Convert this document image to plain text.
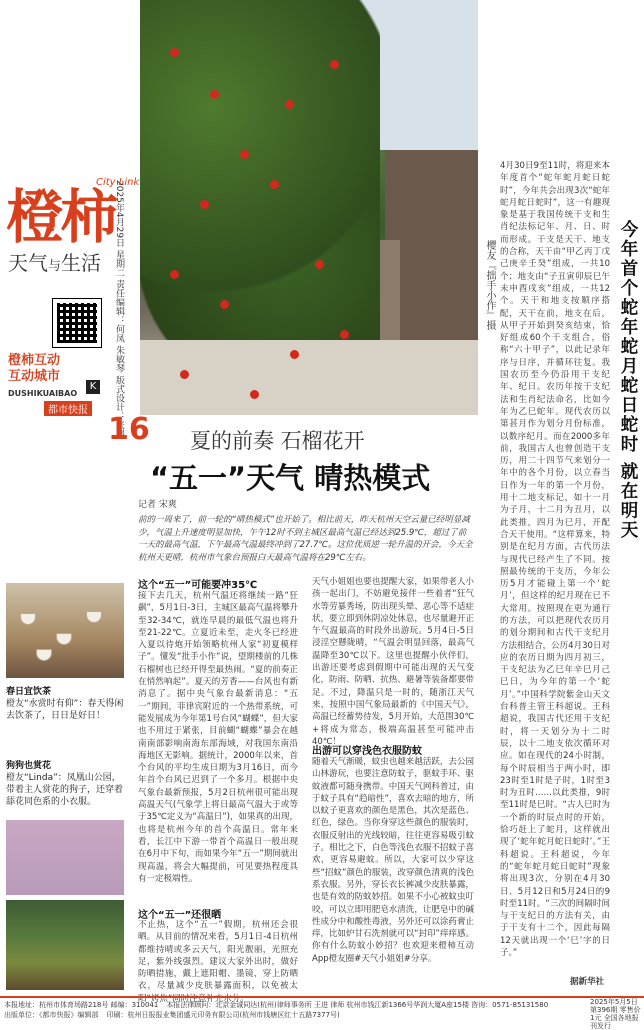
樱友『拙手小作』摄
橙柿
City Link
天气与生活
橙柿互动
互动城市
DUSHIKUAIBAO
都市快报
K	2025年4月29日 星期二 责任编辑：何凤 朱敏琴 版式设计：张璟
16 夏的前奏 石榴花开
“五一”天气 晴热模式
记者 宋爽
前的一周来了，前一轮的“晴热模式”也开始了。相比前天，昨天杭州天空云量已经明显减少，气温上升速度明显加快，午午12时不到主城区最高气温已经达到25.9℃，超过了前一天的最高气温，下午最高气温最终冲到了27.7℃。这位优质逆一轮升温的开会，今天全杭州天更晴，杭州市气象台预报白天最高气温将在29℃左右。
这个“五一”可能要冲35℃
接下去几天，杭州气温还将继续一路“狂飙”，5月1日-3日，主城区最高气温将攀升至32-34℃，就连早晨的最低气温也将升至21-22℃。立夏近未至，走火冬已经进入夏以待炮开始领略杭州人家“初夏模样子”。懂发“批手小作”说，望期楼前的几株石榴树也已经开得至最热闹。“夏的前奏正在悄然响起”。夏天的芳香——台风也有新消息了。据中央气象台最新消息：“五一”期间，菲律宾附近的一个热带系统，可能发展成为今年第1号台风“蝴蝶”，但大家也不用过于紧张，目前蝴“蝴蝶”暴会在越南南部影响南海东部海域，对我国东南沿海地区无影响。据统计，2000年以来，首个台风的平均生成日期为3月16日，而今年首个台风已迟到了一个多月。根据中央气象台最新预报，5月2日杭州很可能出现高温天气(气象学上将日最高气温大于或等于35℃定义为“高温日”)，如果真的出现，也将是杭州今年的首个高温日。常年来看，长江中下游一带首个高温日一般出现在6月中下旬，而如果今年“五一”期间就出现高温，将会大幅提前，可见要热程度具有一定极端性。
这个“五一”还很晒
不止热，这个“五一”假期，杭州还会很晒。从目前的情况来看，5月1日-4日杭州都维持晴或多云天气，阳光靓丽，光照充足，紫外线强烈。建议大家外出时，做好防晒措施，戴上遮阳帽、墨镜，穿上防晒衣，尽量减少皮肤暴露面积，以免被太阳“烤焦”同时注意补充水分。
天气小姐姐也要也提醒大家，如果带老人小孩一起出门，不妨避免接伴一些着者“狂气水等劳暴秀场，防出现头晕、恶心等不适症状，要立即到休阴凉处休息，也尽量避开正午气温最高的时段外出游玩。5月4日-5日浸淫空懸陇晴，“气温会明显回落，最高气温降至30℃以下。这里也提醒小伙伴们，出游还要考虑到假期中可能出现的天气变化，防雨、防晒、抗热、避暑等装备都要带足。不过，降温只是一时的，随浙江天气来，按照中国气象局最新的《中国天气》，高温已经蓄势待发，5月开始，大范围30℃+将成为常态，极端高温甚至可能冲击40℃！
出游可以穿浅色衣服防蚊
随着天气渐暖，蚊虫也越来越活跃，去公园山林游玩，也要注意防蚊子，驱蚊手环、驱蚊液都可随身携带。中国天气网科普过，由于蚊子具有“趋暗性”，喜欢去暗的地方，所以蚊子更喜欢的颜色是黑色，其次是蓝色、红色，绿色。当你身穿这些颜色的服装时，衣服反射出的光线较暗，往往更容易吸引蚊子。相比之下，白色等浅色衣服不招蚊子喜欢，更容易避蚊。所以，大家可以少穿这些“招蚊”颜色的服装，改穿颜色清爽的浅色系衣服。另外，穿长衣长裤减少皮肤暴露，也是有效的防蚊妙招。如果不小心被蚊虫叮咬，可以立即用肥皂水清洗，让肥皂中的碱性成分中和酸性毒液，另外还可以涂药膏止痒，比如炉甘石洗剂就可以“封印”痒痒感。你有什么防蚊小妙招？也欢迎来橙柿互动App橙友圈#天气小姐姐#分享。
4月30日9至11时，将迎来本年度首个“蛇年蛇月蛇日蛇时”，今年共会出现3次“蛇年蛇月蛇日蛇时”，这一有趣现象是基于我国传统干支和生肖纪法标记年、月、日、时而形成。干支是天干、地支的合称，天干由“甲乙丙丁戊己庚辛壬癸”组成，一共10个；地支由“子丑寅卯辰巳午未申酉戌亥”组成，一共12个。天干和地支按顺序搭配，天干在前，地支在后，从甲子开始到癸亥结束，恰好组成60个干支组合，俗称“六十甲子”，以此记录年序与日序，并循环往复。我国农历至今仍沿用干支纪年、纪日。农历年按干支纪法和生肖纪法命名，比如今年为乙巳蛇年。现代农历以第甚月作为划分月份标准，以数序纪月。而在2000多年前，我国古人也曾创造干支历，用二十四节气来划分一年中的各个月份，以立春当日作为一年的第一个月份，用十二地支标记，如十一月为子月，十二月为丑月，以此类推，四月为巳月，开配合天干使用。“这样算来，特别是在纪月方面，古代历法与现代已经产生了不同。按照最传统的干支历，今年公历5月才能碰上第一个‘蛇月’，但这样的纪月现在已不大常用。按照现在更为通行的方法，可以把现代农历月的划分期间和古代干支纪月方法相结合，公历4月30日对应的农历日期为四月初三，干支纪法为乙巳年辛巳月己巳日，为今年的第一个‘蛇月’。”中国科学院紫金山天文台科普主管王科超说。王科超说，我国古代还用干支纪时，将一天划分为十二时辰，以十二地支依次循环对应。如在现代的24小时制，每个时辰相当于两小时，即23时至1时是子时，1时至3时为丑时……以此类推，9时至11时是巳时。“古人巳时为一个新的时辰点时的开始，恰巧赶上了蛇月，这样就出现了‘蛇年蛇月蛇日蛇时’。”王科超说。王科超说，今年的“蛇年蛇月蛇日蛇时”现象将出现3次，分别在4月30日、5月12日和5月24日的9时至11时。“三次的间隔时间与干支纪日的方法有关，由于干支有十二个，因此每隔12天就出现一个‘巳’字的日子。”
据新华社
今年首个蛇年蛇月蛇日蛇时 就在明天
春日宜饮茶
橙友“水赏时有仰”：春天得闲去饮茶了，日日是好日！
狗狗也赏花
橙友“Linda”：凤凰山公园，带着主人赏花的狗子，还穿着舔花同色系的小衣服。
本报地址：杭州市体育场路218号 邮编：310041 本报法律顾问：北京金诚同达(杭州)律师事务所 王进 律师 杭州市钱江新1366号华润大厦A座15楼 咨询：0571-85131580
出版单位：《都市快报》编辑部 印刷：杭州日报报业集团盛元印务有限公司(杭州市钱塘区红十五路7377号)
2025年5月5日 第396期 零售价1元 全国各地报刊发行
